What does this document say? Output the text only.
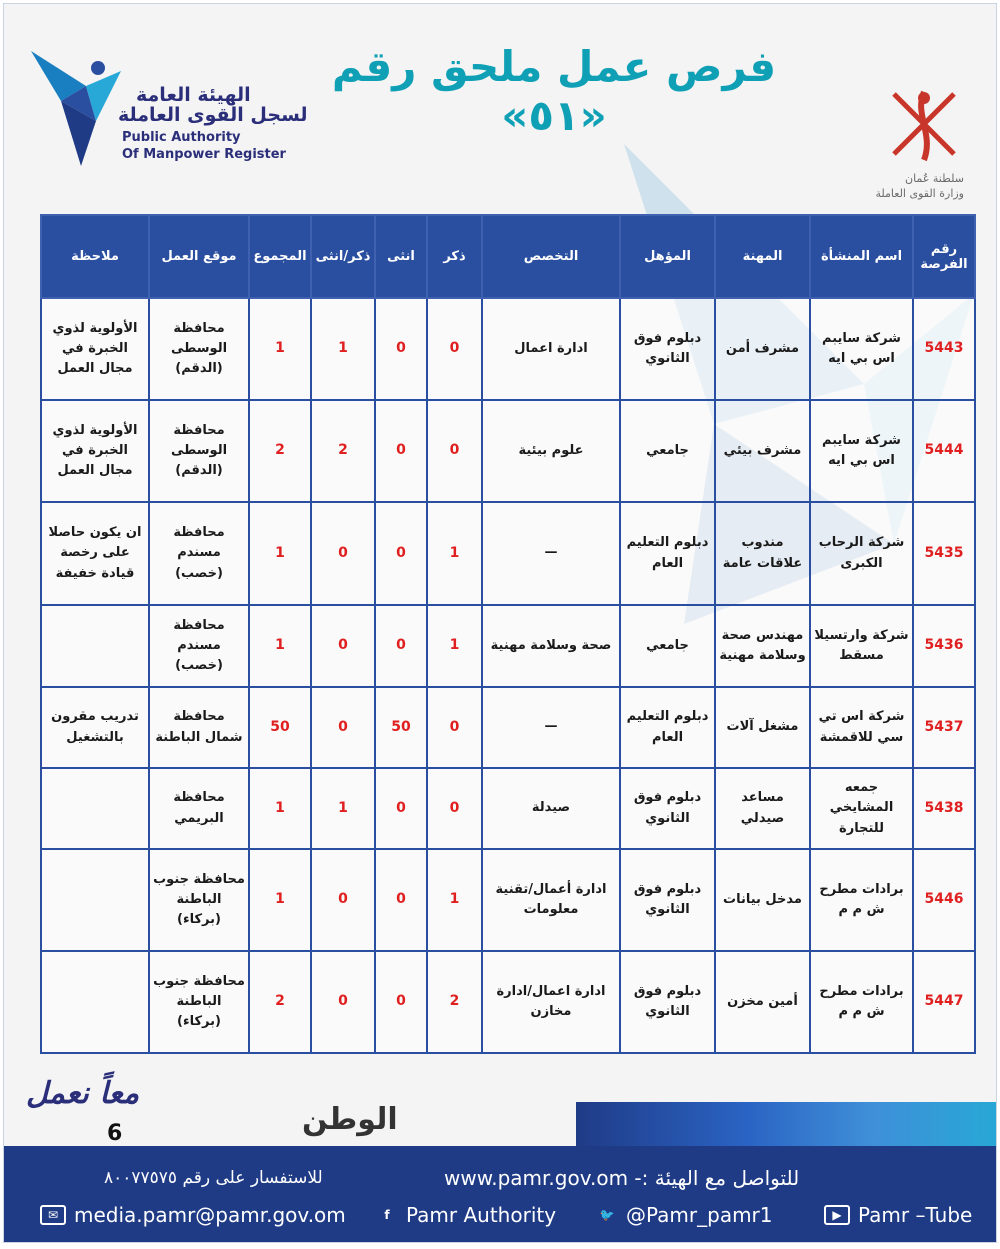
فرص عمل ملحق رقم «٥١»
الهيئة العامة
لسجل القوى العاملة
Public Authority
Of Manpower Register
سلطنة عُمان
وزارة القوى العاملة
رقم الفرصة	اسم المنشأة	المهنة	المؤهل	التخصص	ذكر	انثى	ذكر/انثى	المجموع	موقع العمل	ملاحظة
5443	شركة سايبم اس بي ايه	مشرف أمن	دبلوم فوق الثانوي	ادارة اعمال	0	0	1	1	محافظة الوسطى (الدقم)	الأولوية لذوي الخبرة في مجال العمل
5444	شركة سايبم اس بي ايه	مشرف بيئي	جامعي	علوم بيئية	0	0	2	2	محافظة الوسطى (الدقم)	الأولوية لذوي الخبرة في مجال العمل
5435	شركة الرحاب الكبرى	مندوب علاقات عامة	دبلوم التعليم العام	—	1	0	0	1	محافظة مسندم (خصب)	ان يكون حاصلا على رخصة قيادة خفيفة
5436	شركة وارتسيلا مسقط	مهندس صحة وسلامة مهنية	جامعي	صحة وسلامة مهنية	1	0	0	1	محافظة مسندم (خصب)	
5437	شركة اس تي سي للاقمشة	مشغل آلات	دبلوم التعليم العام	—	0	50	0	50	محافظة شمال الباطنة	تدريب مقرون بالتشغيل
5438	جمعه المشايخي للتجارة	مساعد صيدلي	دبلوم فوق الثانوي	صيدلة	0	0	1	1	محافظة البريمي	
5446	برادات مطرح ش م م	مدخل بيانات	دبلوم فوق الثانوي	ادارة أعمال/تقنية معلومات	1	0	0	1	محافظة جنوب الباطنة (بركاء)	
5447	برادات مطرح ش م م	أمين مخزن	دبلوم فوق الثانوي	ادارة اعمال/ادارة مخازن	2	0	0	2	محافظة جنوب الباطنة (بركاء)	
معاً نعمل
6	الوطن
للتواصل مع الهيئة :- www.pamr.gov.om
للاستفسار على رقم ٨٠٠٧٧٥٧٥
✉ media.pamr@pamr.gov.om	f Pamr Authority	🐦 @Pamr_pamr1	▶ Pamr –Tube
